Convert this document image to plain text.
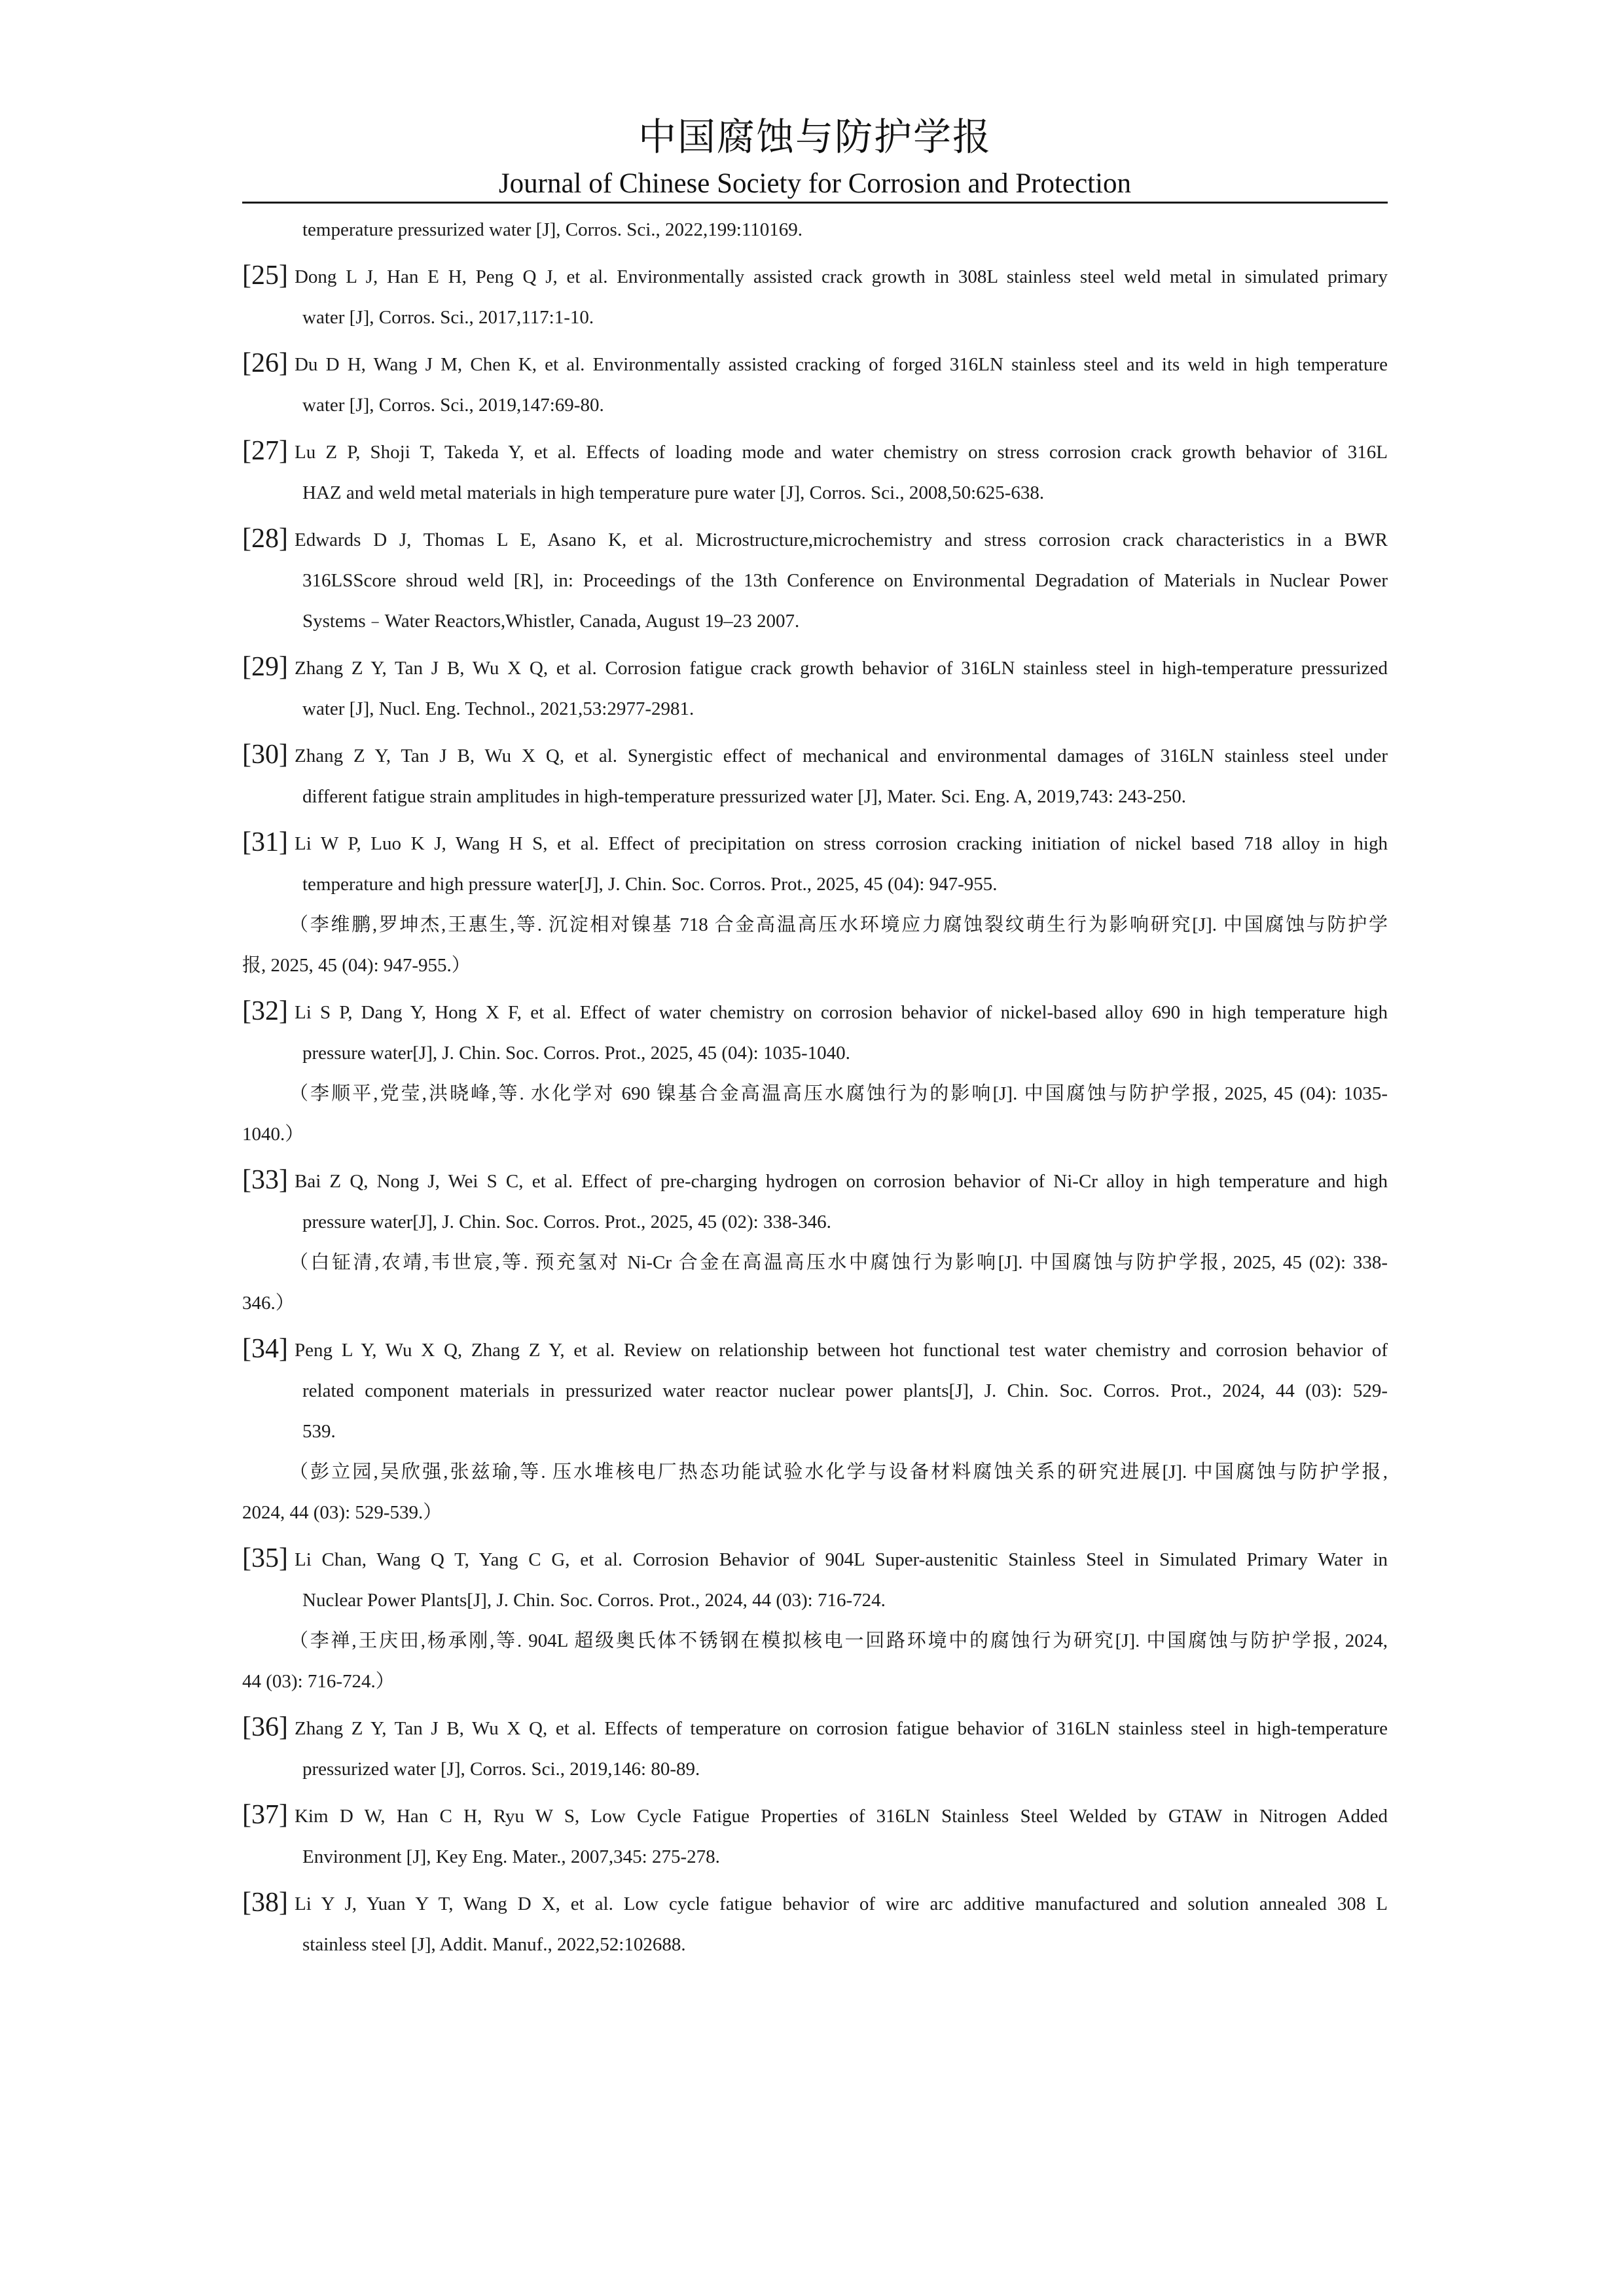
中国腐蚀与防护学报
Journal of Chinese Society for Corrosion and Protection
temperature pressurized water [J], Corros. Sci., 2022,199:110169.
[25] Dong L J, Han E H, Peng Q J, et al. Environmentally assisted crack growth in 308L stainless steel weld metal in simulated primary
water [J], Corros. Sci., 2017,117:1-10.
[26] Du D H, Wang J M, Chen K, et al. Environmentally assisted cracking of forged 316LN stainless steel and its weld in high temperature
water [J], Corros. Sci., 2019,147:69-80.
[27] Lu Z P, Shoji T, Takeda Y, et al. Effects of loading mode and water chemistry on stress corrosion crack growth behavior of 316L
HAZ and weld metal materials in high temperature pure water [J], Corros. Sci., 2008,50:625-638.
[28] Edwards D J, Thomas L E, Asano K, et al. Microstructure,microchemistry and stress corrosion crack characteristics in a BWR
316LSScore shroud weld [R], in: Proceedings of the 13th Conference on Environmental Degradation of Materials in Nuclear Power
Systems﹣Water Reactors,Whistler, Canada, August 19–23 2007.
[29] Zhang Z Y, Tan J B, Wu X Q, et al. Corrosion fatigue crack growth behavior of 316LN stainless steel in high-temperature pressurized
water [J], Nucl. Eng. Technol., 2021,53:2977-2981.
[30] Zhang Z Y, Tan J B, Wu X Q, et al. Synergistic effect of mechanical and environmental damages of 316LN stainless steel under
different fatigue strain amplitudes in high-temperature pressurized water [J], Mater. Sci. Eng. A, 2019,743: 243-250.
[31] Li W P, Luo K J, Wang H S, et al. Effect of precipitation on stress corrosion cracking initiation of nickel based 718 alloy in high
temperature and high pressure water[J], J. Chin. Soc. Corros. Prot., 2025, 45 (04): 947-955.
（李维鹏,罗坤杰,王惠生,等. 沉淀相对镍基 718 合金高温高压水环境应力腐蚀裂纹萌生行为影响研究[J]. 中国腐蚀与防护学
报, 2025, 45 (04): 947-955.）
[32] Li S P, Dang Y, Hong X F, et al. Effect of water chemistry on corrosion behavior of nickel-based alloy 690 in high temperature high
pressure water[J], J. Chin. Soc. Corros. Prot., 2025, 45 (04): 1035-1040.
（李顺平,党莹,洪晓峰,等. 水化学对 690 镍基合金高温高压水腐蚀行为的影响[J]. 中国腐蚀与防护学报, 2025, 45 (04): 1035-
1040.）
[33] Bai Z Q, Nong J, Wei S C, et al. Effect of pre-charging hydrogen on corrosion behavior of Ni-Cr alloy in high temperature and high
pressure water[J], J. Chin. Soc. Corros. Prot., 2025, 45 (02): 338-346.
（白钲清,农靖,韦世宸,等. 预充氢对 Ni-Cr 合金在高温高压水中腐蚀行为影响[J]. 中国腐蚀与防护学报, 2025, 45 (02): 338-
346.）
[34] Peng L Y, Wu X Q, Zhang Z Y, et al. Review on relationship between hot functional test water chemistry and corrosion behavior of
related component materials in pressurized water reactor nuclear power plants[J], J. Chin. Soc. Corros. Prot., 2024, 44 (03): 529-
539.
（彭立园,吴欣强,张兹瑜,等. 压水堆核电厂热态功能试验水化学与设备材料腐蚀关系的研究进展[J]. 中国腐蚀与防护学报,
2024, 44 (03): 529-539.）
[35] Li Chan, Wang Q T, Yang C G, et al. Corrosion Behavior of 904L Super-austenitic Stainless Steel in Simulated Primary Water in
Nuclear Power Plants[J], J. Chin. Soc. Corros. Prot., 2024, 44 (03): 716-724.
（李禅,王庆田,杨承刚,等. 904L 超级奥氏体不锈钢在模拟核电一回路环境中的腐蚀行为研究[J]. 中国腐蚀与防护学报, 2024,
44 (03): 716-724.）
[36] Zhang Z Y, Tan J B, Wu X Q, et al. Effects of temperature on corrosion fatigue behavior of 316LN stainless steel in high-temperature
pressurized water [J], Corros. Sci., 2019,146: 80-89.
[37] Kim D W, Han C H, Ryu W S, Low Cycle Fatigue Properties of 316LN Stainless Steel Welded by GTAW in Nitrogen Added
Environment [J], Key Eng. Mater., 2007,345: 275-278.
[38] Li Y J, Yuan Y T, Wang D X, et al. Low cycle fatigue behavior of wire arc additive manufactured and solution annealed 308 L
stainless steel [J], Addit. Manuf., 2022,52:102688.
